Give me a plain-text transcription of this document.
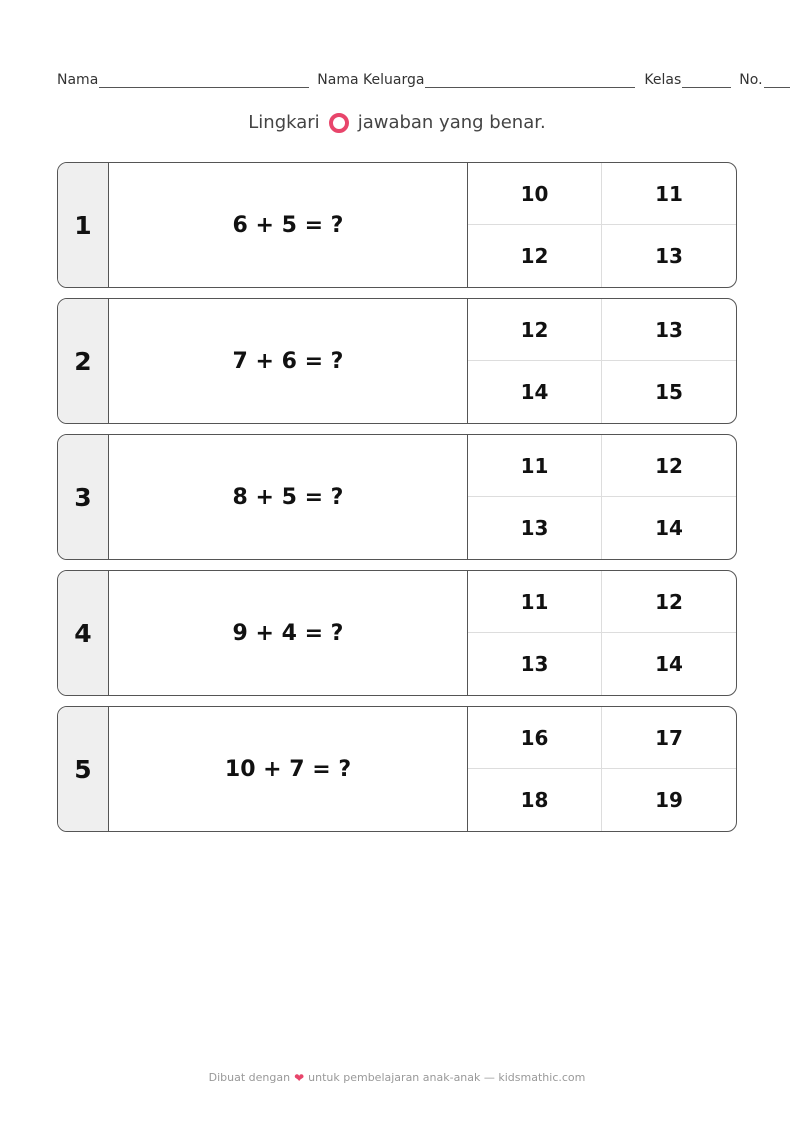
Nama	Nama Keluarga	Kelas	No.
Lingkari jawaban yang benar.
1	6 + 5 = ?
10	11
12	13
2	7 + 6 = ?
12	13
14	15
3	8 + 5 = ?
11	12
13	14
4	9 + 4 = ?
11	12
13	14
5	10 + 7 = ?
16	17
18	19
Dibuat dengan ❤ untuk pembelajaran anak-anak — kidsmathic.com
